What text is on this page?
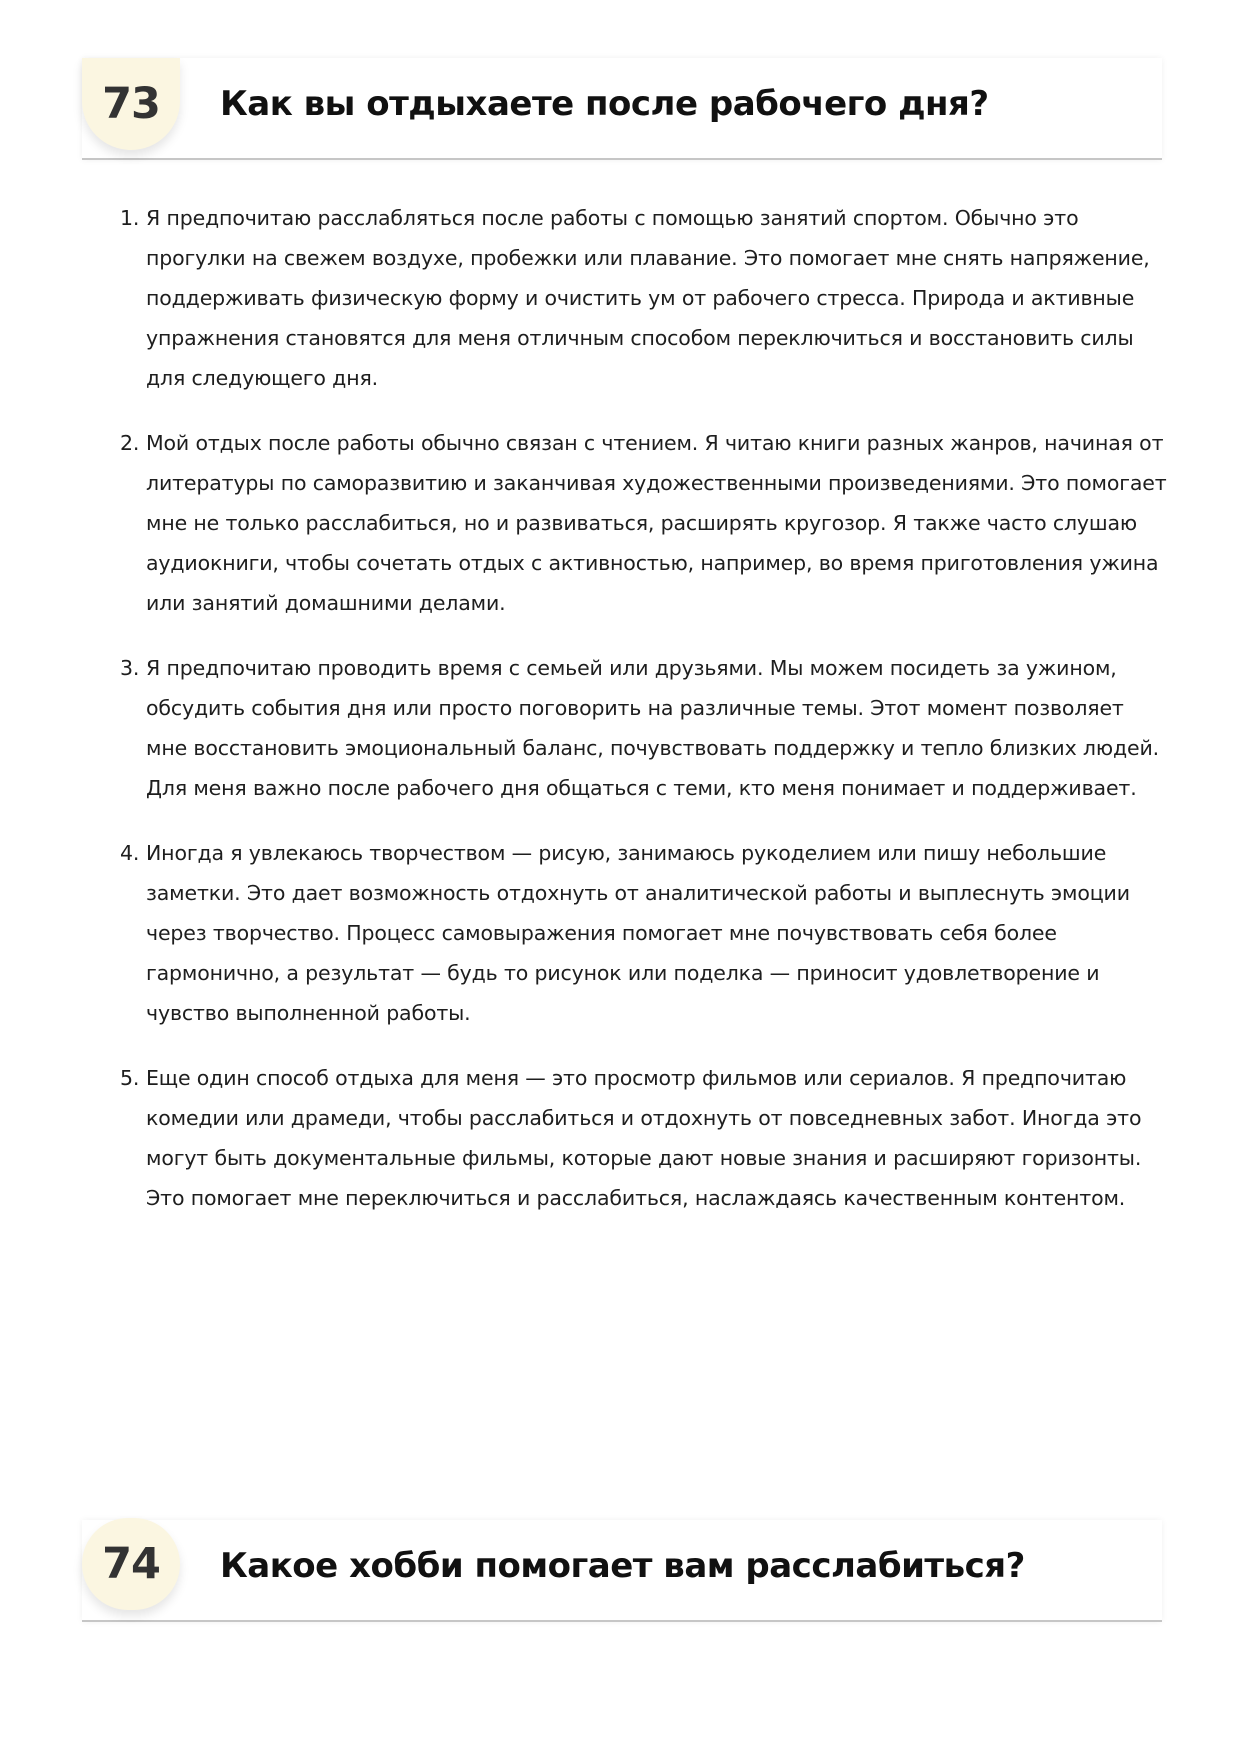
73	Как вы отдыхаете после рабочего дня?
1. Я предпочитаю расслабляться после работы с помощью занятий спортом. Обычно это прогулки на свежем воздухе, пробежки или плавание. Это помогает мне снять напряжение, поддерживать физическую форму и очистить ум от рабочего стресса. Природа и активные упражнения становятся для меня отличным способом переключиться и восстановить силы для следующего дня.
2. Мой отдых после работы обычно связан с чтением. Я читаю книги разных жанров, начиная от литературы по саморазвитию и заканчивая художественными произведениями. Это помогает мне не только расслабиться, но и развиваться, расширять кругозор. Я также часто слушаю аудиокниги, чтобы сочетать отдых с активностью, например, во время приготовления ужина или занятий домашними делами.
3. Я предпочитаю проводить время с семьей или друзьями. Мы можем посидеть за ужином, обсудить события дня или просто поговорить на различные темы. Этот момент позволяет мне восстановить эмоциональный баланс, почувствовать поддержку и тепло близких людей. Для меня важно после рабочего дня общаться с теми, кто меня понимает и поддерживает.
4. Иногда я увлекаюсь творчеством — рисую, занимаюсь рукоделием или пишу небольшие заметки. Это дает возможность отдохнуть от аналитической работы и выплеснуть эмоции через творчество. Процесс самовыражения помогает мне почувствовать себя более гармонично, а результат — будь то рисунок или поделка — приносит удовлетворение и чувство выполненной работы.
5. Еще один способ отдыха для меня — это просмотр фильмов или сериалов. Я предпочитаю комедии или драмеди, чтобы расслабиться и отдохнуть от повседневных забот. Иногда это могут быть документальные фильмы, которые дают новые знания и расширяют горизонты. Это помогает мне переключиться и расслабиться, наслаждаясь качественным контентом.
74	Какое хобби помогает вам расслабиться?
